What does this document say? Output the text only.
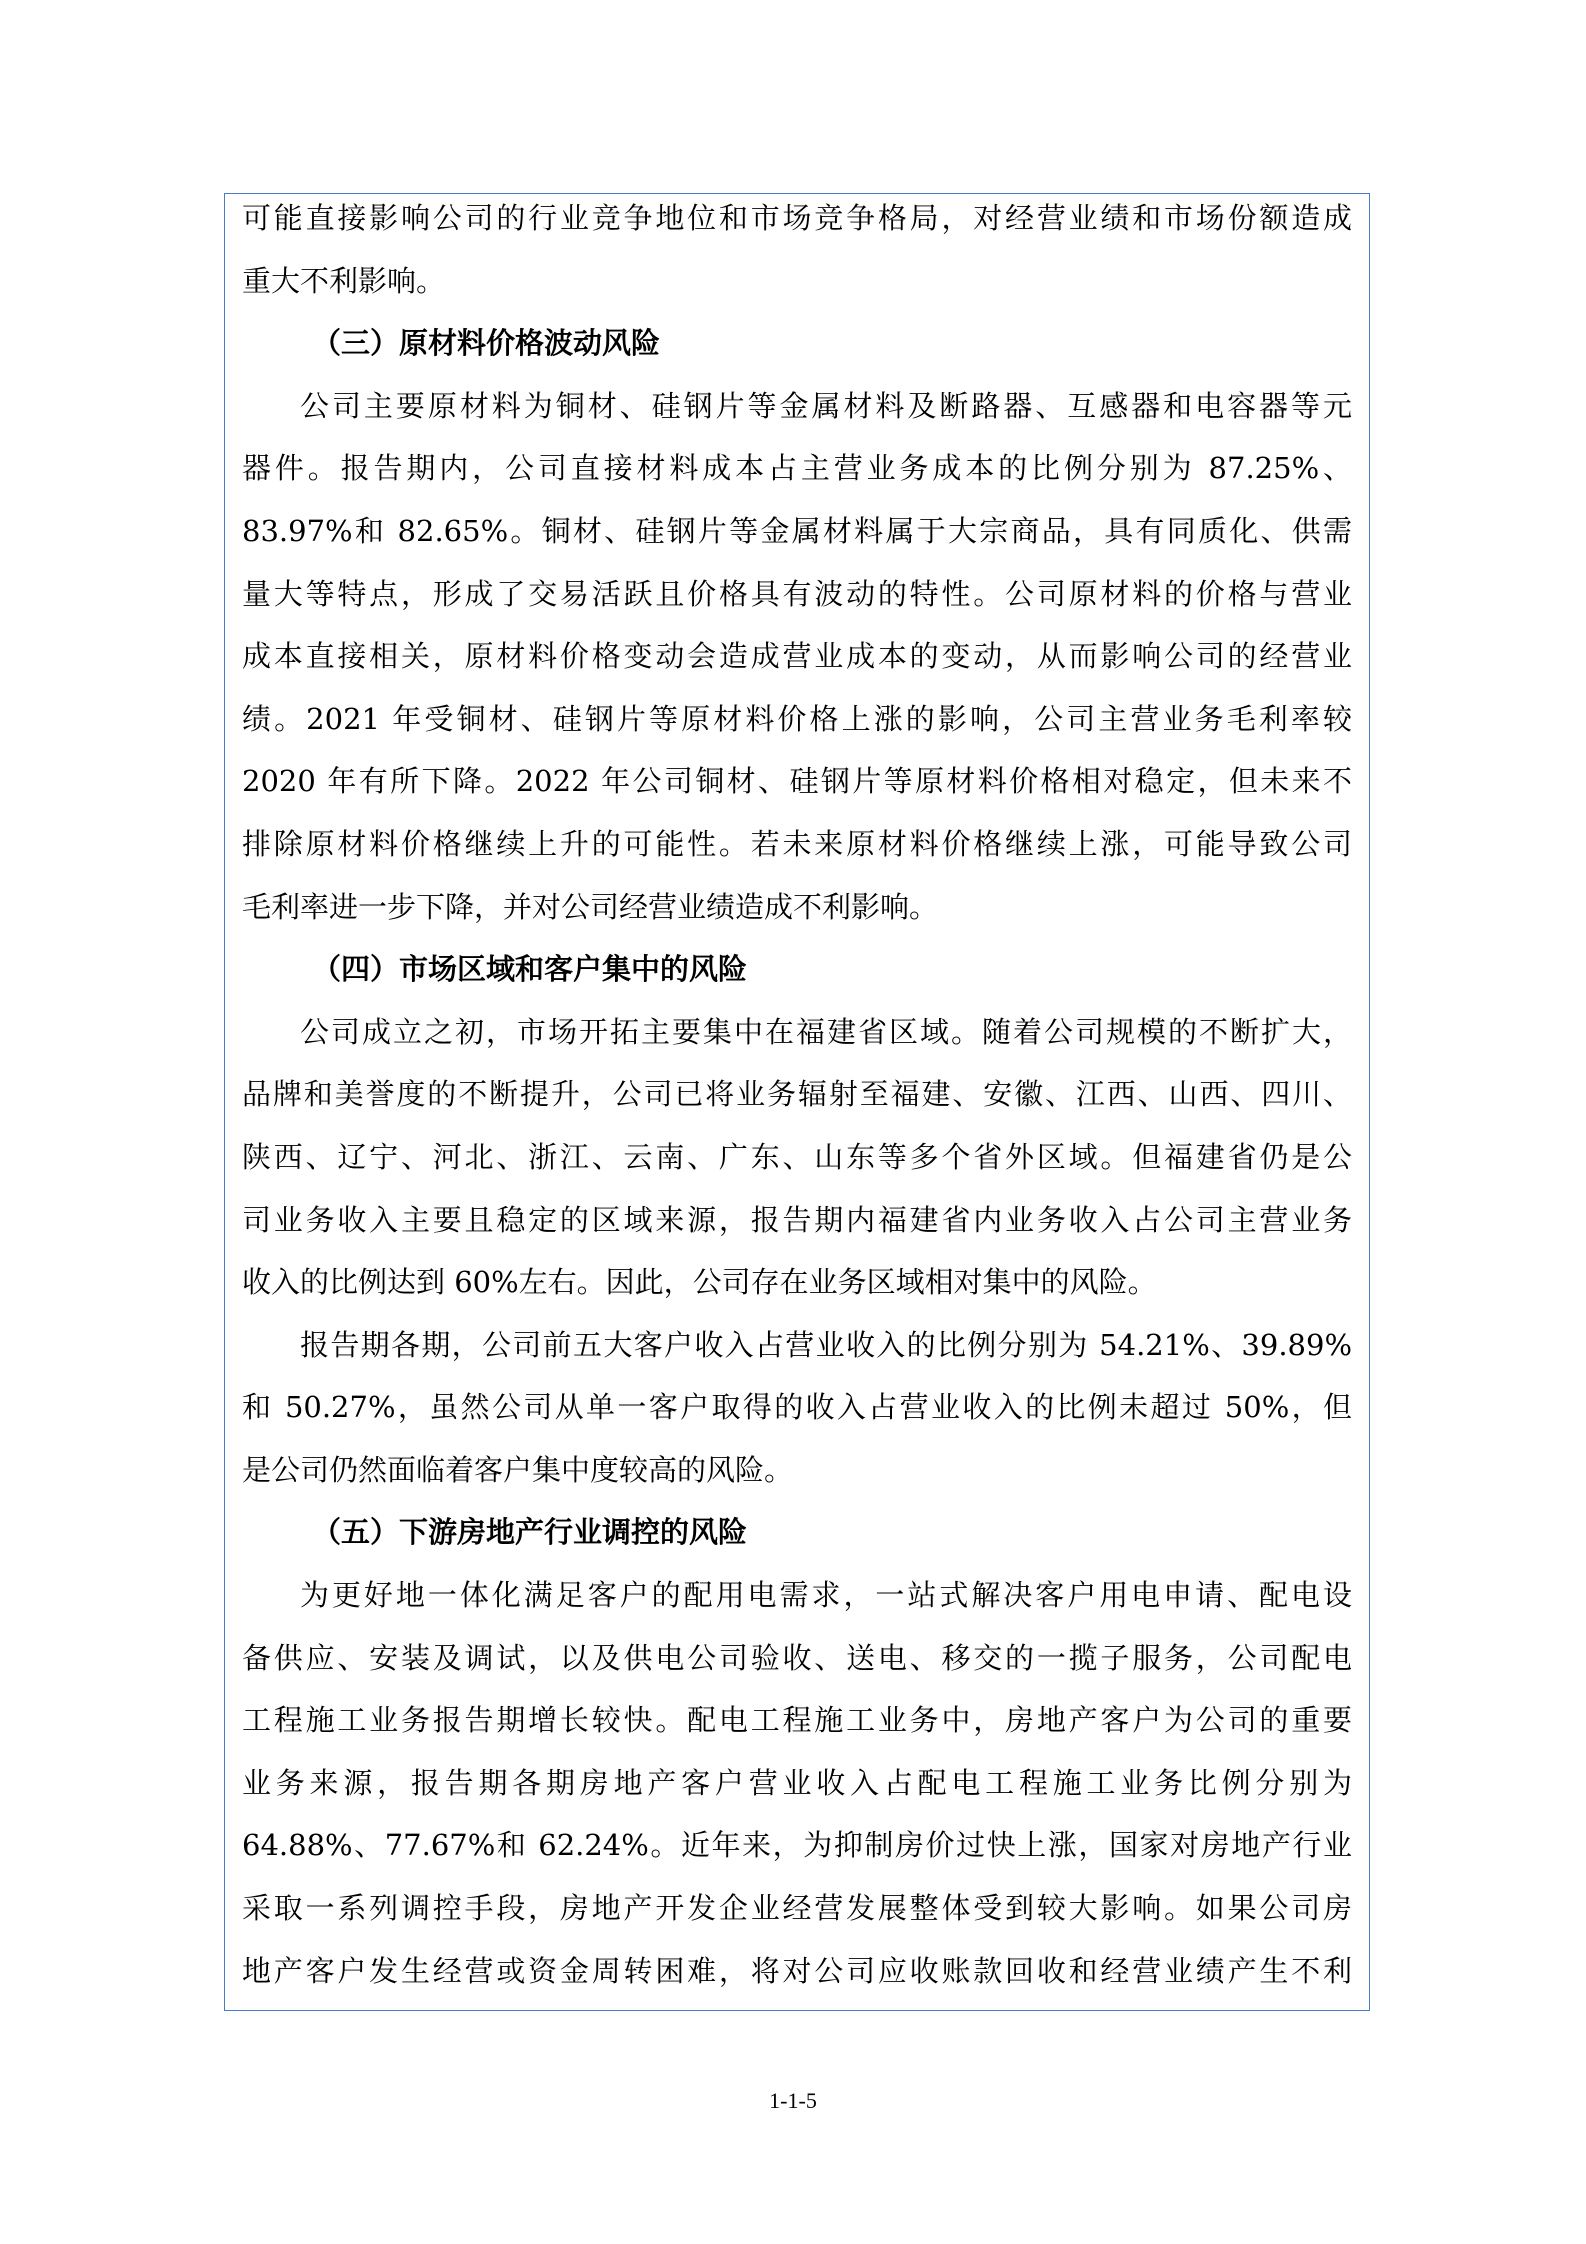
可能直接影响公司的行业竞争地位和市场竞争格局，对经营业绩和市场份额造成
重大不利影响。
（三）原材料价格波动风险
公司主要原材料为铜材、硅钢片等金属材料及断路器、互感器和电容器等元
器件。报告期内，公司直接材料成本占主营业务成本的比例分别为 87.25%、
83.97%和 82.65%。铜材、硅钢片等金属材料属于大宗商品，具有同质化、供需
量大等特点，形成了交易活跃且价格具有波动的特性。公司原材料的价格与营业
成本直接相关，原材料价格变动会造成营业成本的变动，从而影响公司的经营业
绩。2021 年受铜材、硅钢片等原材料价格上涨的影响，公司主营业务毛利率较
2020 年有所下降。2022 年公司铜材、硅钢片等原材料价格相对稳定，但未来不
排除原材料价格继续上升的可能性。若未来原材料价格继续上涨，可能导致公司
毛利率进一步下降，并对公司经营业绩造成不利影响。
（四）市场区域和客户集中的风险
公司成立之初，市场开拓主要集中在福建省区域。随着公司规模的不断扩大，
品牌和美誉度的不断提升，公司已将业务辐射至福建、安徽、江西、山西、四川、
陕西、辽宁、河北、浙江、云南、广东、山东等多个省外区域。但福建省仍是公
司业务收入主要且稳定的区域来源，报告期内福建省内业务收入占公司主营业务
收入的比例达到 60%左右。因此，公司存在业务区域相对集中的风险。
报告期各期，公司前五大客户收入占营业收入的比例分别为 54.21%、39.89%
和 50.27%，虽然公司从单一客户取得的收入占营业收入的比例未超过 50%，但
是公司仍然面临着客户集中度较高的风险。
（五）下游房地产行业调控的风险
为更好地一体化满足客户的配用电需求，一站式解决客户用电申请、配电设
备供应、安装及调试，以及供电公司验收、送电、移交的一揽子服务，公司配电
工程施工业务报告期增长较快。配电工程施工业务中，房地产客户为公司的重要
业务来源，报告期各期房地产客户营业收入占配电工程施工业务比例分别为
64.88%、77.67%和 62.24%。近年来，为抑制房价过快上涨，国家对房地产行业
采取一系列调控手段，房地产开发企业经营发展整体受到较大影响。如果公司房
地产客户发生经营或资金周转困难，将对公司应收账款回收和经营业绩产生不利
1-1-5
